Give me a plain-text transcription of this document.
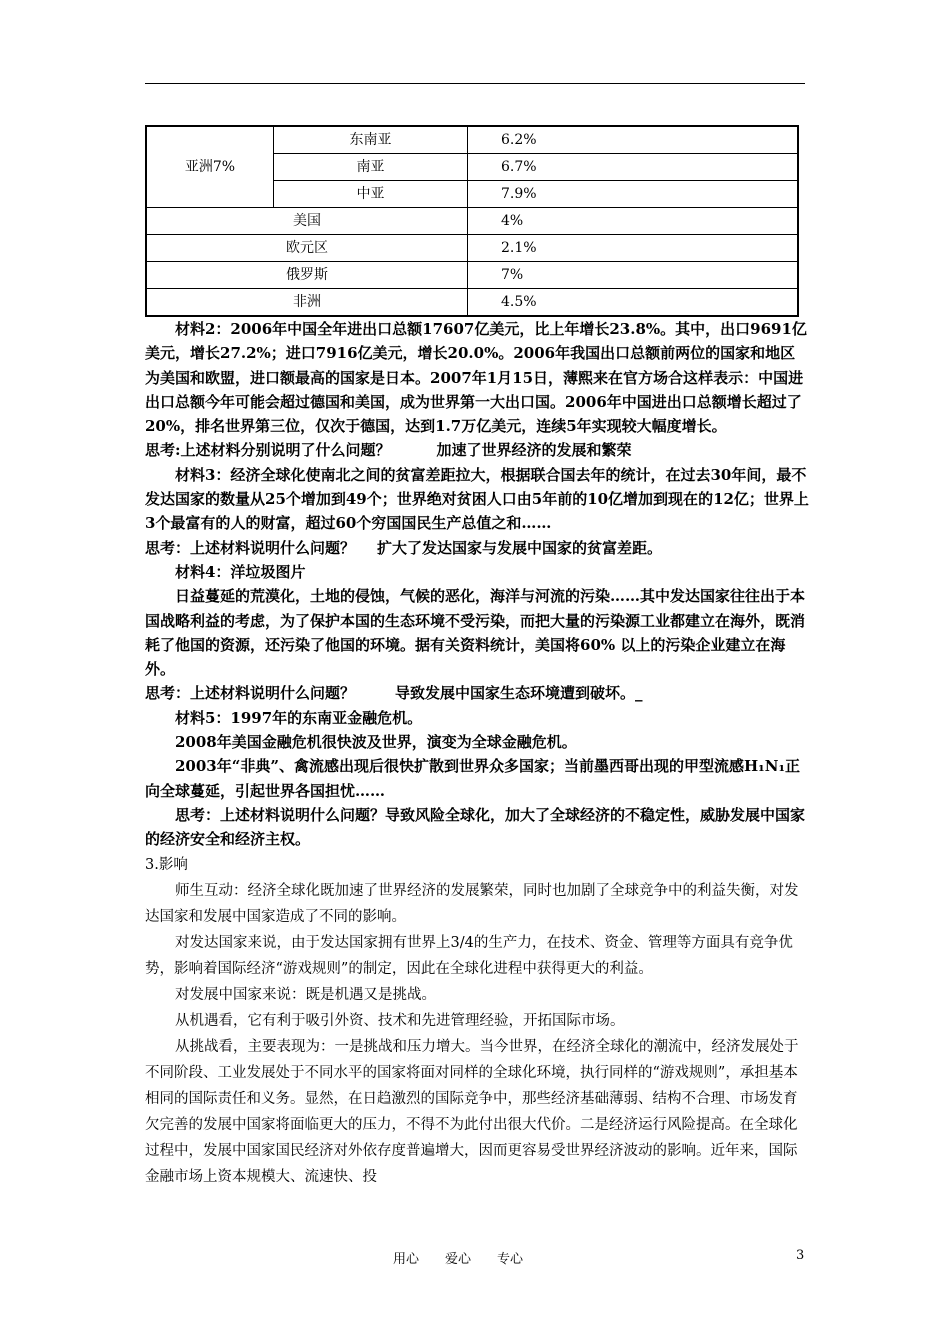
亚洲7%	东南亚	6.2%
	南亚	6.7%
	中亚	7.9%
美国		4%
欧元区		2.1%
俄罗斯		7%
非洲		4.5%

材料2：2006年中国全年进出口总额17607亿美元，比上年增长23.8%。其中，出口9691亿美元，增长27.2%；进口7916亿美元，增长20.0%。2006年我国出口总额前两位的国家和地区为美国和欧盟，进口额最高的国家是日本。2007年1月15日，薄熙来在官方场合这样表示：中国进出口总额今年可能会超过德国和美国，成为世界第一大出口国。2006年中国进出口总额增长超过了20%，排名世界第三位，仅次于德国，达到1.7万亿美元，连续5年实现较大幅度增长。

思考:上述材料分别说明了什么问题？	加速了世界经济的发展和繁荣

材料3：经济全球化使南北之间的贫富差距拉大，根据联合国去年的统计，在过去30年间，最不发达国家的数量从25个增加到49个；世界绝对贫困人口由5年前的10亿增加到现在的12亿；世界上3个最富有的人的财富，超过60个穷国国民生产总值之和……

思考：上述材料说明什么问题？ 扩大了发达国家与发展中国家的贫富差距。

材料4：洋垃圾图片

日益蔓延的荒漠化，土地的侵蚀，气候的恶化，海洋与河流的污染……其中发达国家往往出于本国战略利益的考虑，为了保护本国的生态环境不受污染，而把大量的污染源工业都建立在海外，既消耗了他国的资源，还污染了他国的环境。据有关资料统计，美国将60% 以上的污染企业建立在海外。

思考：上述材料说明什么问题？	导致发展中国家生态环境遭到破坏。_

材料5：1997年的东南亚金融危机。

2008年美国金融危机很快波及世界，演变为全球金融危机。

2003年“非典”、禽流感出现后很快扩散到世界众多国家；当前墨西哥出现的甲型流感H₁N₁正向全球蔓延，引起世界各国担忧……

思考：上述材料说明什么问题？导致风险全球化，加大了全球经济的不稳定性，威胁发展中国家的经济安全和经济主权。

3.影响

师生互动：经济全球化既加速了世界经济的发展繁荣，同时也加剧了全球竞争中的利益失衡，对发达国家和发展中国家造成了不同的影响。

对发达国家来说，由于发达国家拥有世界上3/4的生产力，在技术、资金、管理等方面具有竞争优势，影响着国际经济“游戏规则”的制定，因此在全球化进程中获得更大的利益。

对发展中国家来说：既是机遇又是挑战。

从机遇看，它有利于吸引外资、技术和先进管理经验，开拓国际市场。

从挑战看，主要表现为：一是挑战和压力增大。当今世界，在经济全球化的潮流中，经济发展处于不同阶段、工业发展处于不同水平的国家将面对同样的全球化环境，执行同样的“游戏规则”，承担基本相同的国际责任和义务。显然，在日趋激烈的国际竞争中，那些经济基础薄弱、结构不合理、市场发育欠完善的发展中国家将面临更大的压力，不得不为此付出很大代价。二是经济运行风险提高。在全球化过程中，发展中国家国民经济对外依存度普遍增大，因而更容易受世界经济波动的影响。近年来，国际金融市场上资本规模大、流速快、投

用心 爱心 专心	3
